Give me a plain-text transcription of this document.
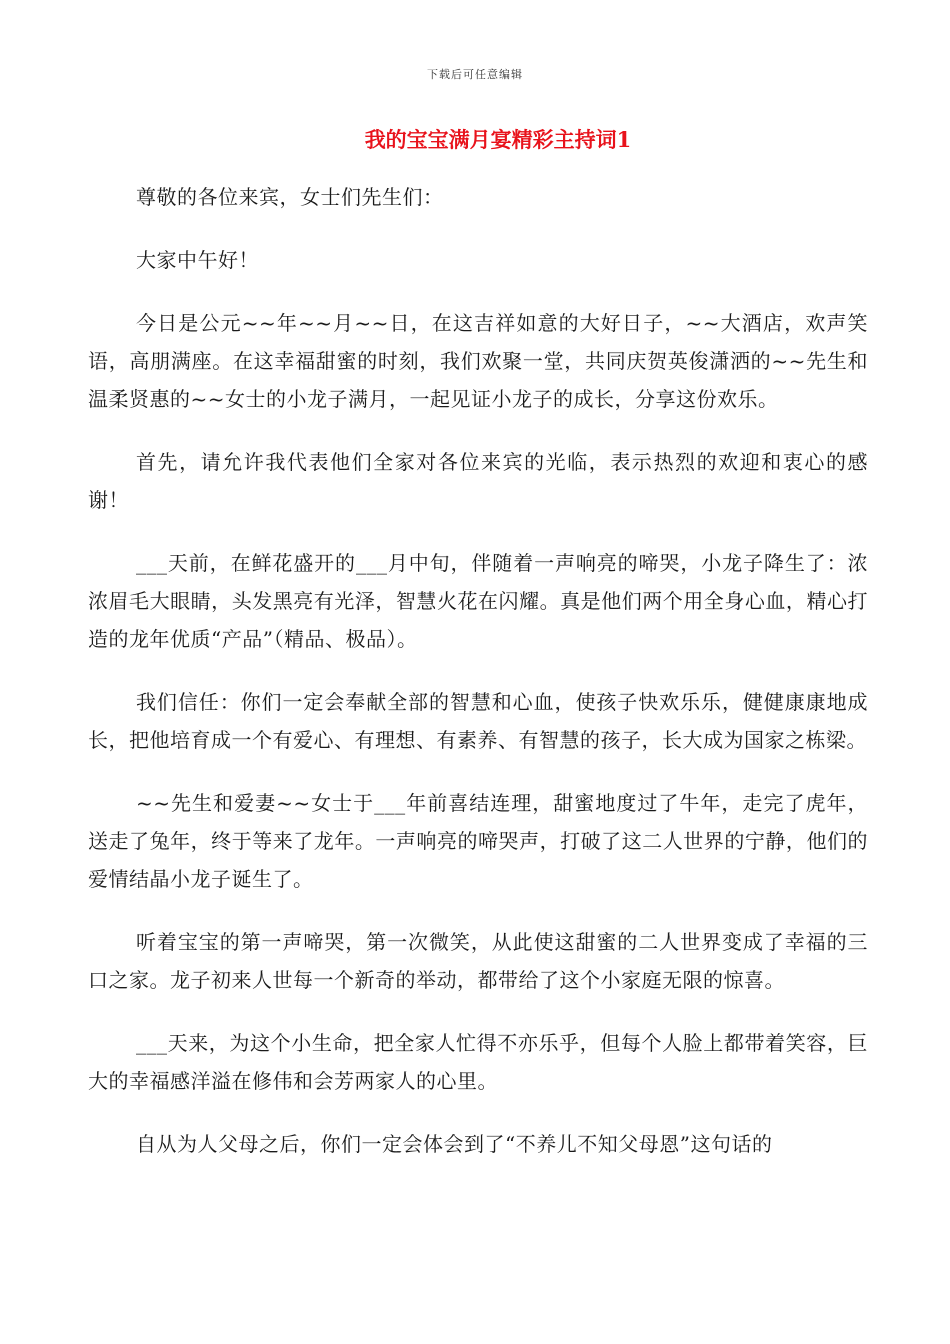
下载后可任意编辑
我的宝宝满月宴精彩主持词1

尊敬的各位来宾，女士们先生们：

大家中午好！

今日是公元~~年~~月~~日，在这吉祥如意的大好日子，~~大酒店，欢声笑语，高朋满座。在这幸福甜蜜的时刻，我们欢聚一堂，共同庆贺英俊潇洒的~~先生和温柔贤惠的~~女士的小龙子满月，一起见证小龙子的成长，分享这份欢乐。

首先，请允许我代表他们全家对各位来宾的光临，表示热烈的欢迎和衷心的感谢！

___天前，在鲜花盛开的___月中旬，伴随着一声响亮的啼哭，小龙子降生了：浓浓眉毛大眼睛，头发黑亮有光泽，智慧火花在闪耀。真是他们两个用全身心血，精心打造的龙年优质“产品”（精品、极品）。

我们信任：你们一定会奉献全部的智慧和心血，使孩子快欢乐乐，健健康康地成长，把他培育成一个有爱心、有理想、有素养、有智慧的孩子，长大成为国家之栋梁。

~~先生和爱妻~~女士于___年前喜结连理，甜蜜地度过了牛年，走完了虎年，送走了兔年，终于等来了龙年。一声响亮的啼哭声，打破了这二人世界的宁静，他们的爱情结晶小龙子诞生了。

听着宝宝的第一声啼哭，第一次微笑，从此使这甜蜜的二人世界变成了幸福的三口之家。龙子初来人世每一个新奇的举动，都带给了这个小家庭无限的惊喜。

___天来，为这个小生命，把全家人忙得不亦乐乎，但每个人脸上都带着笑容，巨大的幸福感洋溢在修伟和会芳两家人的心里。

自从为人父母之后，你们一定会体会到了“不养儿不知父母恩”这句话的
